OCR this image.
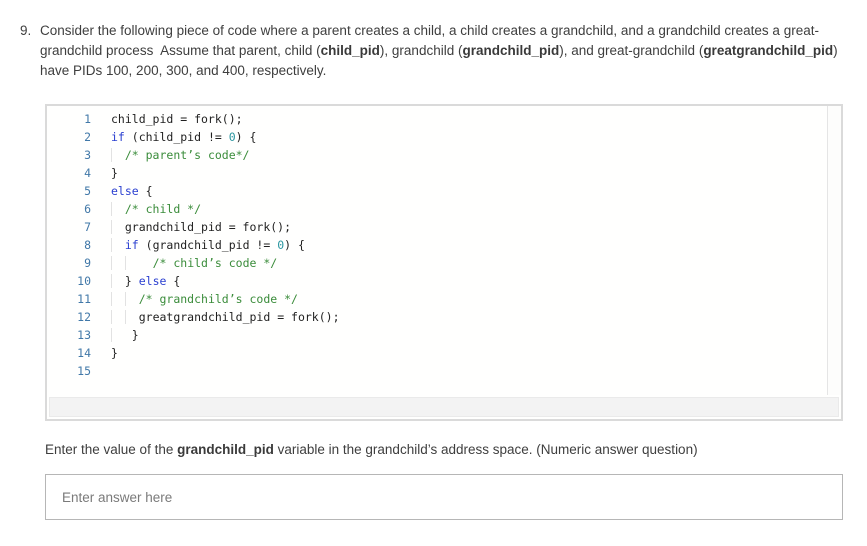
9. Consider the following piece of code where a parent creates a child, a child creates a grandchild, and a grandchild creates a great-grandchild process  Assume that parent, child (child_pid), grandchild (grandchild_pid), and great-grandchild (greatgrandchild_pid) have PIDs 100, 200, 300, and 400, respectively.
1	child_pid = fork();
2	if (child_pid != 0) {
3	/* parent’s code*/
4	}
5	else {
6	/* child */
7	grandchild_pid = fork();
8	if (grandchild_pid != 0) {
9	/* child’s code */
10	} else {
11	/* grandchild’s code */
12	greatgrandchild_pid = fork();
13	}
14	}
15
Enter the value of the grandchild_pid variable in the grandchild’s address space. (Numeric answer question)
Enter answer here
